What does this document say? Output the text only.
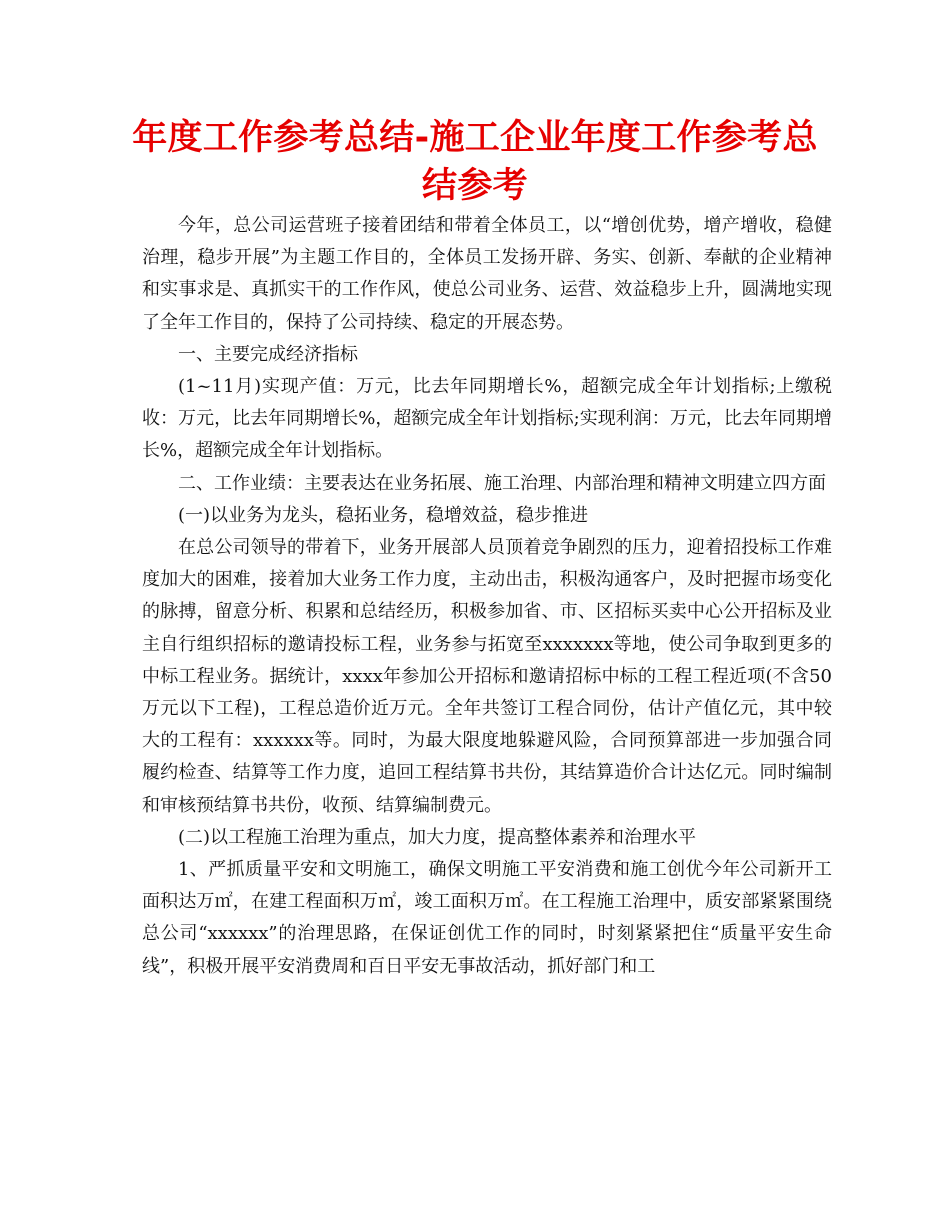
年度工作参考总结-施工企业年度工作参考总结参考

今年，总公司运营班子接着团结和带着全体员工，以“增创优势，增产增收，稳健治理，稳步开展”为主题工作目的，全体员工发扬开辟、务实、创新、奉献的企业精神和实事求是、真抓实干的工作作风，使总公司业务、运营、效益稳步上升，圆满地实现了全年工作目的，保持了公司持续、稳定的开展态势。

一、主要完成经济指标

(1~11月)实现产值：万元，比去年同期增长%，超额完成全年计划指标;上缴税收：万元，比去年同期增长%，超额完成全年计划指标;实现利润：万元，比去年同期增长%，超额完成全年计划指标。

二、工作业绩：主要表达在业务拓展、施工治理、内部治理和精神文明建立四方面

(一)以业务为龙头，稳拓业务，稳增效益，稳步推进

在总公司领导的带着下，业务开展部人员顶着竞争剧烈的压力，迎着招投标工作难度加大的困难，接着加大业务工作力度，主动出击，积极沟通客户，及时把握市场变化的脉搏，留意分析、积累和总结经历，积极参加省、市、区招标买卖中心公开招标及业主自行组织招标的邀请投标工程，业务参与拓宽至xxxxxxx等地，使公司争取到更多的中标工程业务。据统计，xxxx年参加公开招标和邀请招标中标的工程工程近项(不含50万元以下工程)，工程总造价近万元。全年共签订工程合同份，估计产值亿元，其中较大的工程有：xxxxxx等。同时，为最大限度地躲避风险，合同预算部进一步加强合同履约检查、结算等工作力度，追回工程结算书共份，其结算造价合计达亿元。同时编制和审核预结算书共份，收预、结算编制费元。

(二)以工程施工治理为重点，加大力度，提高整体素养和治理水平

1、严抓质量平安和文明施工，确保文明施工平安消费和施工创优今年公司新开工面积达万㎡，在建工程面积万㎡，竣工面积万㎡。在工程施工治理中，质安部紧紧围绕总公司“xxxxxx”的治理思路，在保证创优工作的同时，时刻紧紧把住“质量平安生命线”，积极开展平安消费周和百日平安无事故活动，抓好部门和工
